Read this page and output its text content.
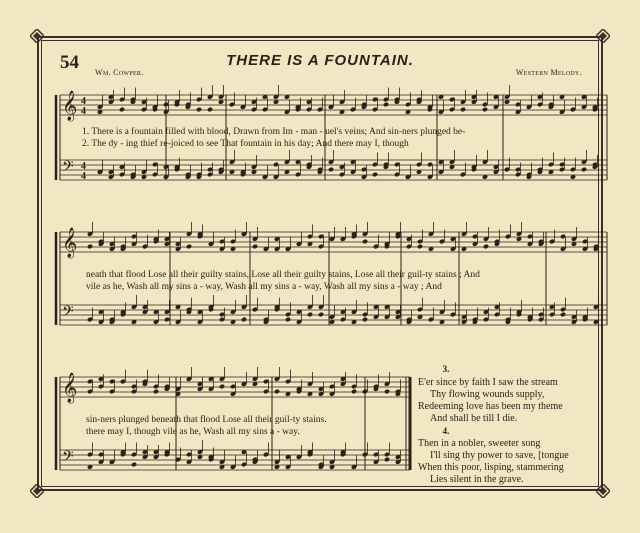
54	THERE IS A FOUNTAIN.
Wm. Cowper.	Western Melody.
𝄞
𝄢
4
4
4
4
𝄞
𝄢
𝄞
𝄢
1. There is a fountain filled with blood, Drawn from Im - man - uel's veins; And sin-ners plunged be-
2. The dy - ing thief re-joiced to see That fountain in his day; And there may I, though
neath that flood Lose all their guilty stains, Lose all their guilty stains, Lose all their guil-ty stains ; And
vile as he, Wash all my sins a - way, Wash all my sins a - way, Wash all my sins a - way ; And
sin-ners plunged beneath that flood Lose all their guil-ty stains.
there may I, though vile as he, Wash all my sins a - way.
3.
E'er since by faith I saw the stream
Thy flowing wounds supply,
Redeeming love has been my theme
And shall be till I die.
4.
Then in a nobler, sweeter song
I'll sing thy power to save, [tongue
When this poor, lisping, stammering
Lies silent in the grave.
